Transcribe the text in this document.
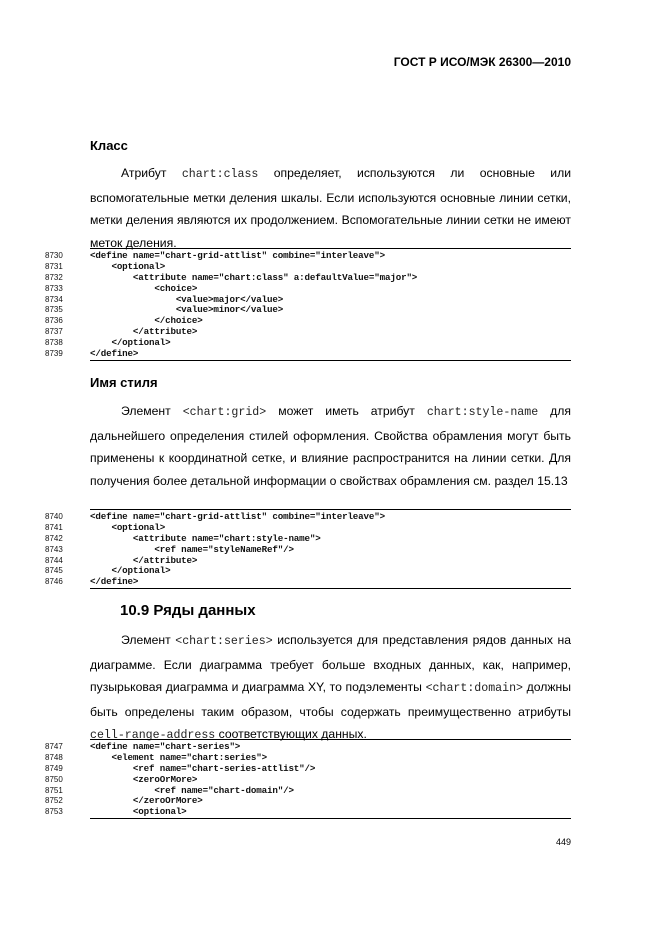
ГОСТ Р ИСО/МЭК 26300—2010
Класс

Атрибут chart:class определяет, используются ли основные или вспомогательные метки деления шкалы. Если используются основные линии сетки, метки деления являются их продолжением. Вспомогательные линии сетки не имеют меток деления.

8730	<define name="chart-grid-attlist" combine="interleave">
8731	<optional>
8732	<attribute name="chart:class" a:defaultValue="major">
8733	<choice>
8734	<value>major</value>
8735	<value>minor</value>
8736	</choice>
8737	</attribute>
8738	</optional>
8739	</define>
Имя стиля

Элемент <chart:grid> может иметь атрибут chart:style-name для дальнейшего определения стилей оформления. Свойства обрамления могут быть применены к координатной сетке, и влияние распространится на линии сетки. Для получения более детальной информации о свойствах обрамления см. раздел 15.13

8740	<define name="chart-grid-attlist" combine="interleave">
8741	<optional>
8742	<attribute name="chart:style-name">
8743	<ref name="styleNameRef"/>
8744	</attribute>
8745	</optional>
8746	</define>
10.9 Ряды данных

Элемент <chart:series> используется для представления рядов данных на диаграмме. Если диаграмма требует больше входных данных, как, например, пузырьковая диаграмма и диаграмма XY, то подэлементы <chart:domain> должны быть определены таким образом, чтобы содержать преимущественно атрибуты cell-range-address соответствующих данных.

8747	<define name="chart-series">
8748	<element name="chart:series">
8749	<ref name="chart-series-attlist"/>
8750	<zeroOrMore>
8751	<ref name="chart-domain"/>
8752	</zeroOrMore>
8753	<optional>
449
